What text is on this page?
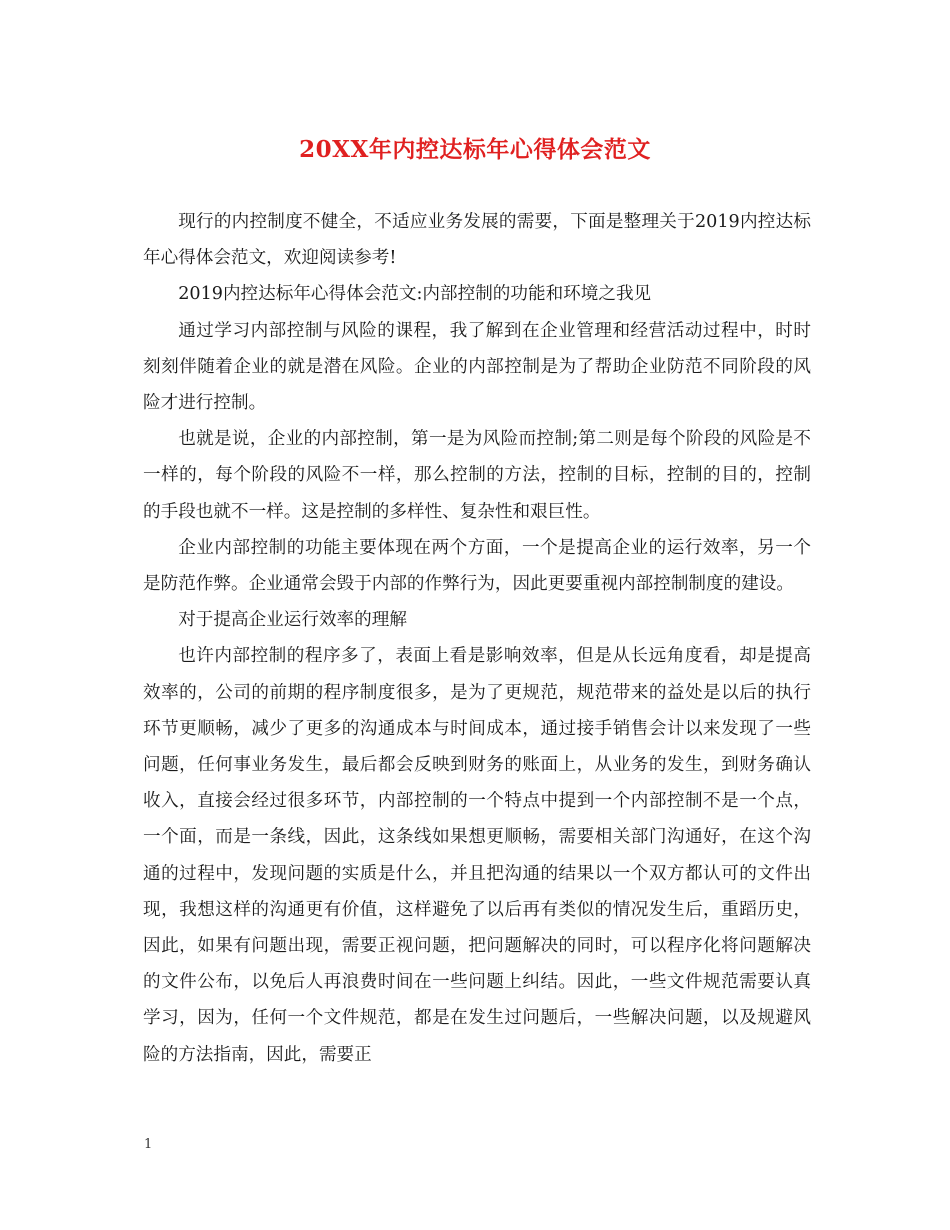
20XX年内控达标年心得体会范文

现行的内控制度不健全，不适应业务发展的需要，下面是整理关于2019内控达标年心得体会范文，欢迎阅读参考!

2019内控达标年心得体会范文:内部控制的功能和环境之我见

通过学习内部控制与风险的课程，我了解到在企业管理和经营活动过程中，时时刻刻伴随着企业的就是潜在风险。企业的内部控制是为了帮助企业防范不同阶段的风险才进行控制。

也就是说，企业的内部控制，第一是为风险而控制;第二则是每个阶段的风险是不一样的，每个阶段的风险不一样，那么控制的方法，控制的目标，控制的目的，控制的手段也就不一样。这是控制的多样性、复杂性和艰巨性。

企业内部控制的功能主要体现在两个方面，一个是提高企业的运行效率，另一个是防范作弊。企业通常会毁于内部的作弊行为，因此更要重视内部控制制度的建设。

对于提高企业运行效率的理解

也许内部控制的程序多了，表面上看是影响效率，但是从长远角度看，却是提高效率的，公司的前期的程序制度很多，是为了更规范，规范带来的益处是以后的执行环节更顺畅，减少了更多的沟通成本与时间成本，通过接手销售会计以来发现了一些问题，任何事业务发生，最后都会反映到财务的账面上，从业务的发生，到财务确认收入，直接会经过很多环节，内部控制的一个特点中提到一个内部控制不是一个点，一个面，而是一条线，因此，这条线如果想更顺畅，需要相关部门沟通好，在这个沟通的过程中，发现问题的实质是什么，并且把沟通的结果以一个双方都认可的文件出现，我想这样的沟通更有价值，这样避免了以后再有类似的情况发生后，重蹈历史，因此，如果有问题出现，需要正视问题，把问题解决的同时，可以程序化将问题解决的文件公布，以免后人再浪费时间在一些问题上纠结。因此，一些文件规范需要认真学习，因为，任何一个文件规范，都是在发生过问题后，一些解决问题，以及规避风险的方法指南，因此，需要正

1
